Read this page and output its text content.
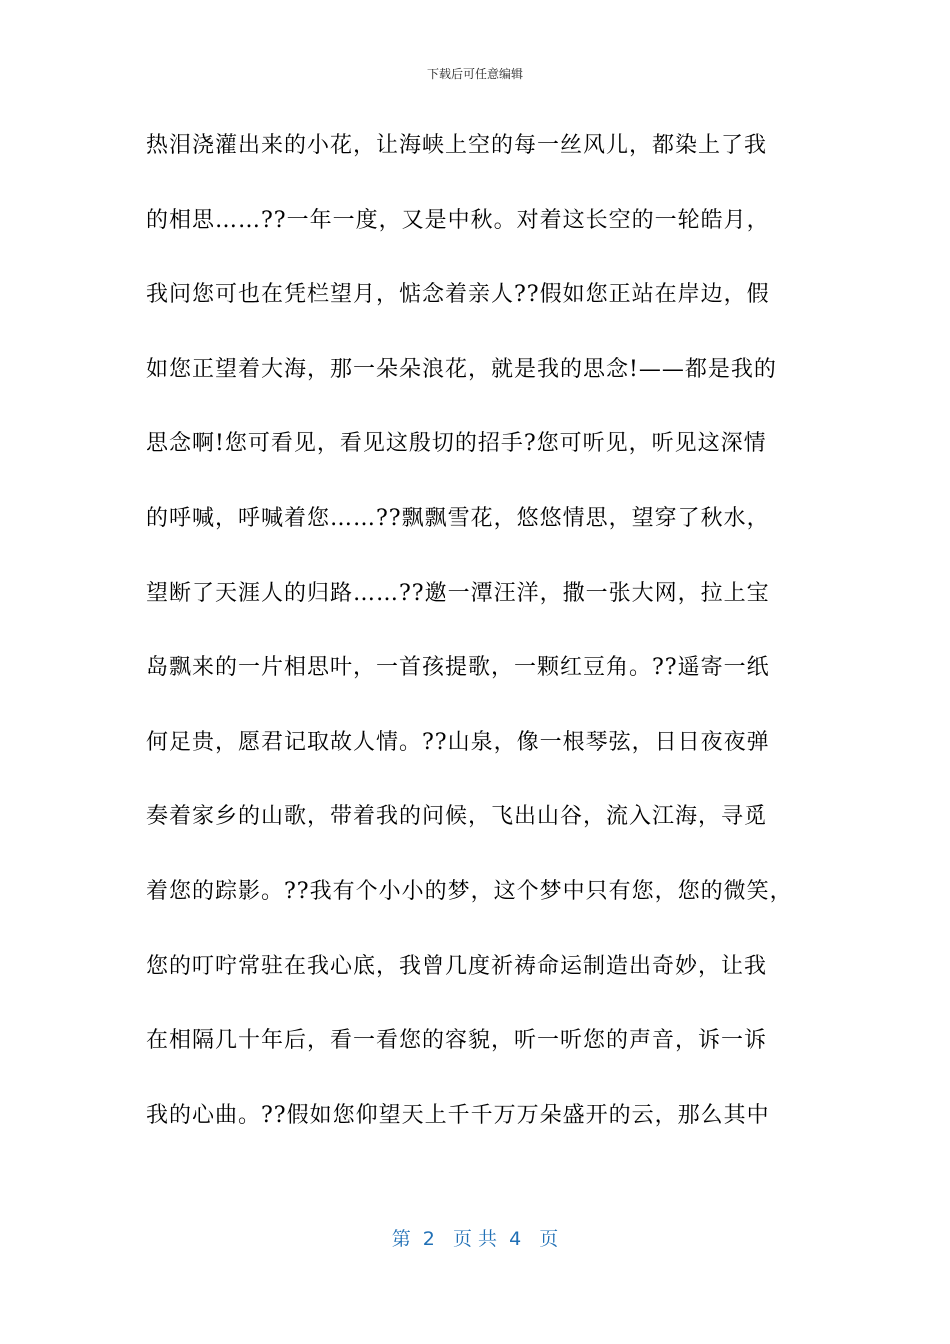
下载后可任意编辑
热泪浇灌出来的小花，让海峡上空的每一丝风儿，都染上了我
的相思……??一年一度，又是中秋。对着这长空的一轮皓月，
我问您可也在凭栏望月，惦念着亲人??假如您正站在岸边，假
如您正望着大海，那一朵朵浪花，就是我的思念!——都是我的
思念啊!您可看见，看见这殷切的招手?您可听见，听见这深情
的呼喊，呼喊着您……??飘飘雪花，悠悠情思，望穿了秋水，
望断了天涯人的归路……??邀一潭汪洋，撒一张大网，拉上宝
岛飘来的一片相思叶，一首孩提歌，一颗红豆角。??遥寄一纸
何足贵，愿君记取故人情。??山泉，像一根琴弦，日日夜夜弹
奏着家乡的山歌，带着我的问候，飞出山谷，流入江海，寻觅
着您的踪影。??我有个小小的梦，这个梦中只有您，您的微笑，
您的叮咛常驻在我心底，我曾几度祈祷命运制造出奇妙，让我
在相隔几十年后，看一看您的容貌，听一听您的声音，诉一诉
我的心曲。??假如您仰望天上千千万万朵盛开的云，那么其中
第  2   页 共  4   页
